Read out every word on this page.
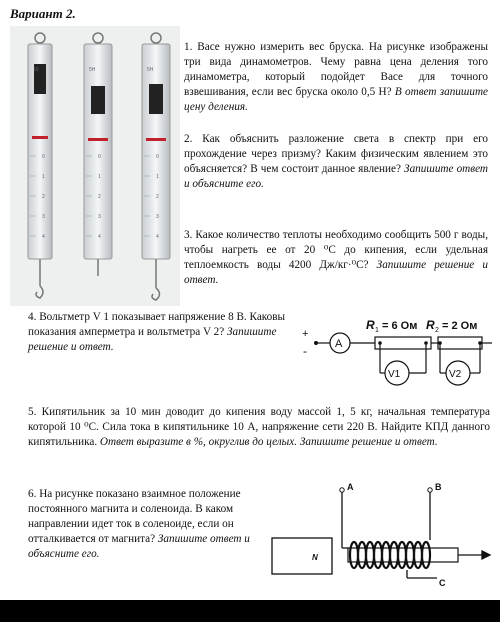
Вариант 2.
10	5H	5H
0
1
2
3
4
0
1
2
3
4
0
1
2
3
4
1. Васе нужно измерить вес бруска. На рисунке изображены три вида динамометров. Чему равна цена деления того динамометра, который подойдет Васе для точного взвешивания, если вес бруска около 0,5 Н? В ответ запишите цену деления.
2. Как объяснить разложение света в спектр при его прохождение через призму? Каким физическим явлением это объясняется? В чем состоит данное явление? Запишите ответ и объясните его.
3. Какое количество теплоты необходимо сообщить 500 г воды, чтобы нагреть ее от 20 ⁰С до кипения, если удельная теплоемкость воды 4200 Дж/кг·⁰С? Запишите решение и ответ.
4. Вольтметр V 1 показывает напряжение 8 В. Каковы показания амперметра и вольтметра V 2? Запишите решение и ответ.
+
-	A
R 1 = 6 Ом R 2 = 2 Ом
V1	V2
5. Кипятильник за 10 мин доводит до кипения воду массой 1, 5 кг, начальная температура которой 10 ⁰С. Сила тока в кипятильнике 10 А, напряжение сети 220 В. Найдите КПД данного кипятильника. Ответ выразите в %, округлив до целых. Запишите решение и ответ.
6. На рисунке показано взаимное положение постоянного магнита и соленоида. В каком направлении идет ток в соленоиде, если он отталкивается от магнита? Запишите ответ и объясните его.	N
A	B
C
